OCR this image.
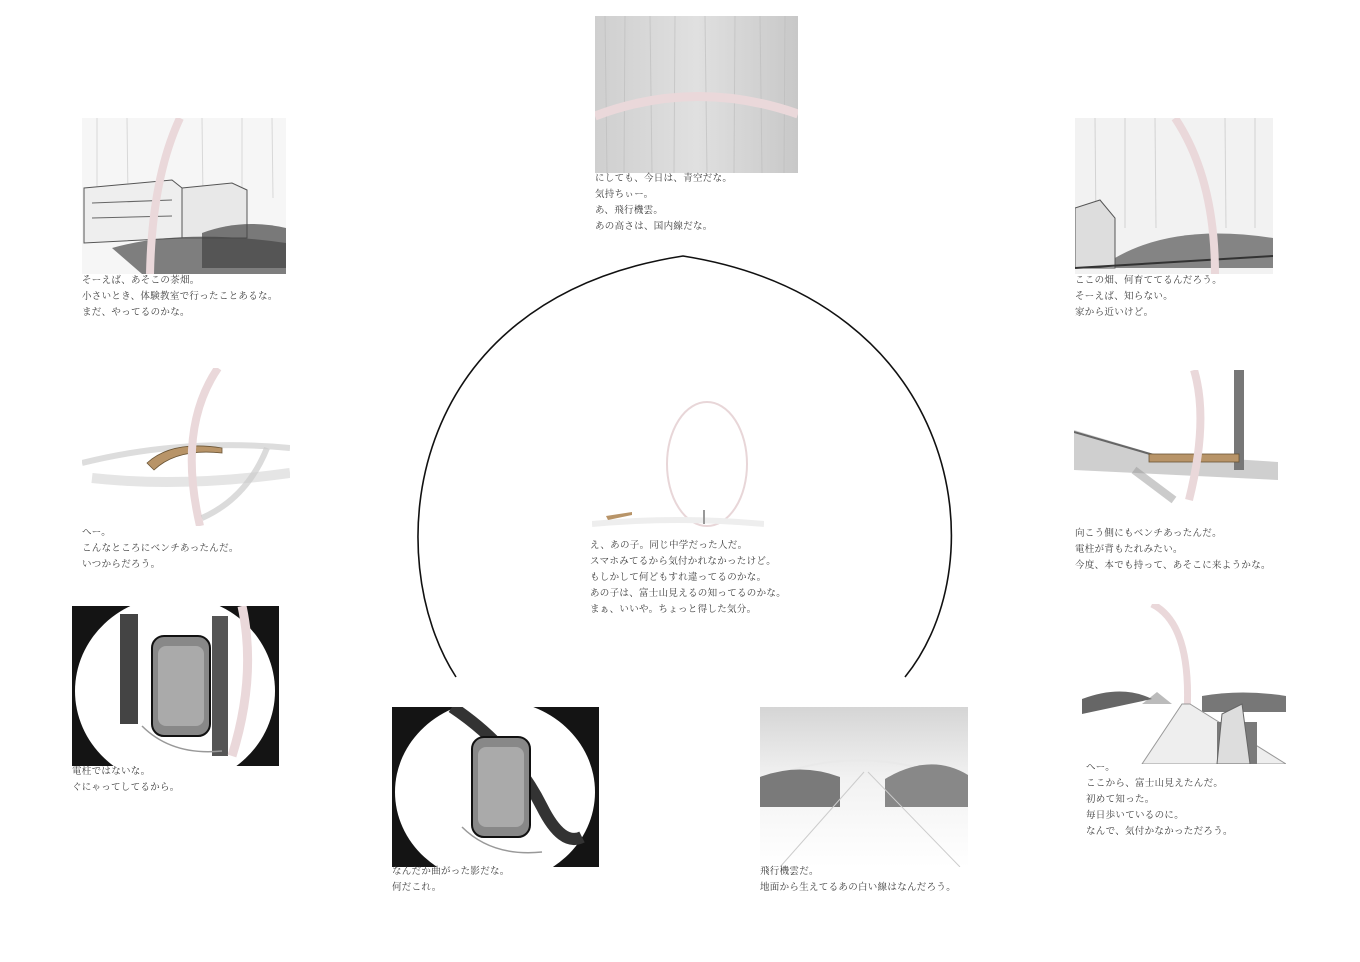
にしても、今日は、青空だな。
気持ちぃー。
あ、飛行機雲。
あの高さは、国内線だな。
そーえば、あそこの茶畑。
小さいとき、体験教室で行ったことあるな。
まだ、やってるのかな。
ここの畑、何育ててるんだろう。
そーえば、知らない。
家から近いけど。
へー。
こんなところにベンチあったんだ。
いつからだろう。
向こう側にもベンチあったんだ。
電柱が背もたれみたい。
今度、本でも持って、あそこに来ようかな。
え、あの子。同じ中学だった人だ。
スマホみてるから気付かれなかったけど。
もしかして何どもすれ違ってるのかな。
あの子は、富士山見えるの知ってるのかな。
まぁ、いいや。ちょっと得した気分。
電柱ではないな。
ぐにゃってしてるから。
なんだか曲がった影だな。
何だこれ。
飛行機雲だ。
地面から生えてるあの白い線はなんだろう。
へー。
ここから、富士山見えたんだ。
初めて知った。
毎日歩いているのに。
なんで、気付かなかっただろう。
